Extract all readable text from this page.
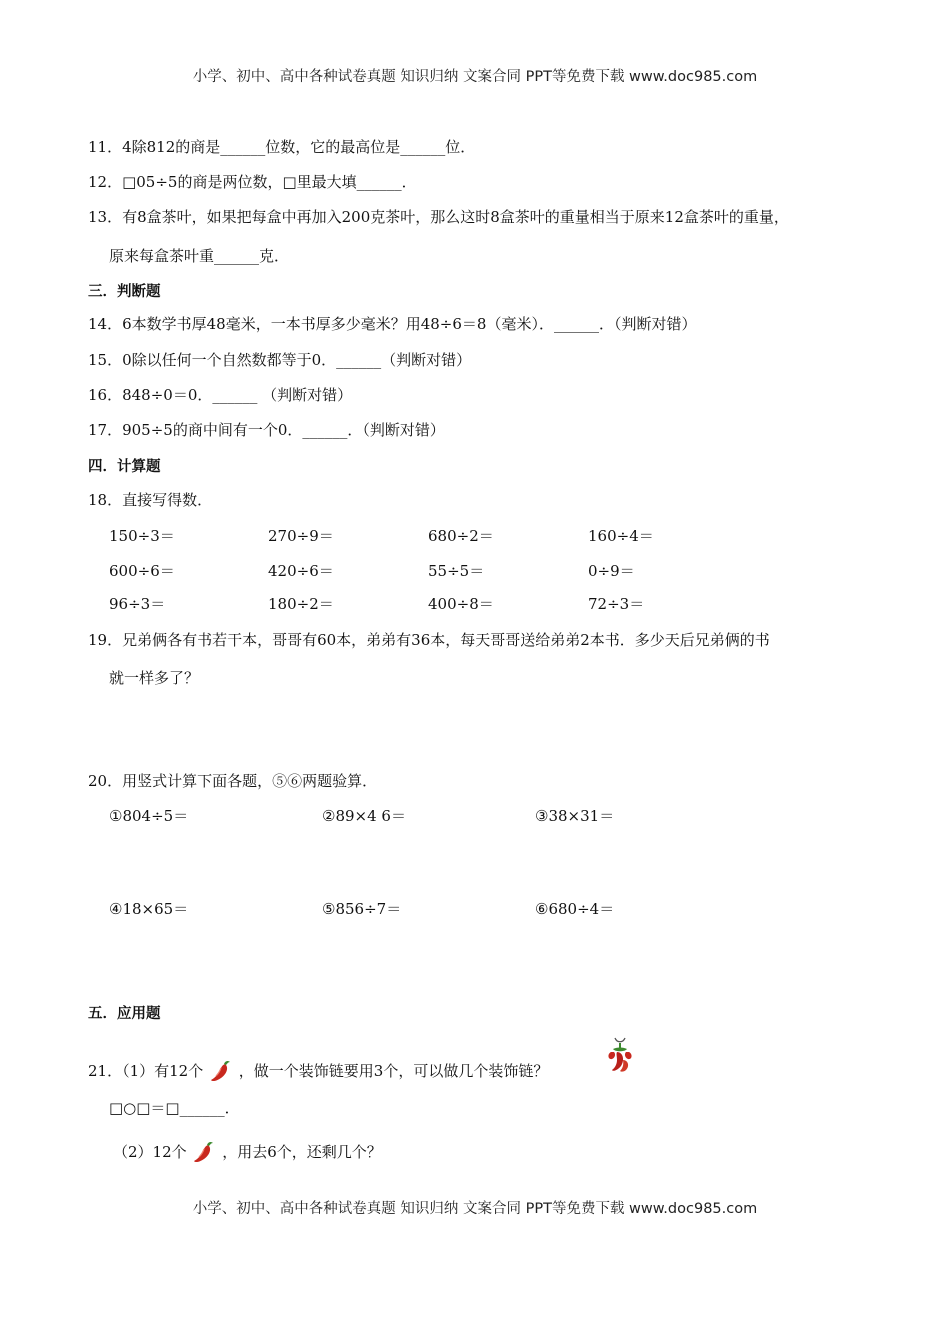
小学、初中、高中各种试卷真题 知识归纳 文案合同 PPT等免费下载 www.doc985.com
小学、初中、高中各种试卷真题 知识归纳 文案合同 PPT等免费下载 www.doc985.com
11．4除812的商是______位数，它的最高位是______位．
12．□05÷5的商是两位数，□里最大填______．
13．有8盒茶叶，如果把每盒中再加入200克茶叶，那么这时8盒茶叶的重量相当于原来12盒茶叶的重量，
原来每盒茶叶重______克．
三．判断题
14．6本数学书厚48毫米，一本书厚多少毫米？用48÷6＝8（毫米）．______．（判断对错）
15．0除以任何一个自然数都等于0．______（判断对错）
16．848÷0＝0．______ （判断对错）
17．905÷5的商中间有一个0．______．（判断对错）
四．计算题
18．直接写得数．
150÷3＝	270÷9＝	680÷2＝	160÷4＝
600÷6＝	420÷6＝	55÷5＝	0÷9＝
96÷3＝	180÷2＝	400÷8＝	72÷3＝
19．兄弟俩各有书若干本，哥哥有60本，弟弟有36本，每天哥哥送给弟弟2本书．多少天后兄弟俩的书
就一样多了？
20．用竖式计算下面各题，⑤⑥两题验算．
①804÷5＝	②89×4 6＝	③38×31＝
④18×65＝	⑤856÷7＝	⑥680÷4＝
五．应用题
21．（1）有12个 ，做一个装饰链要用3个，可以做几个装饰链？
□○□＝□______．
（2）12个 ，用去6个，还剩几个？
